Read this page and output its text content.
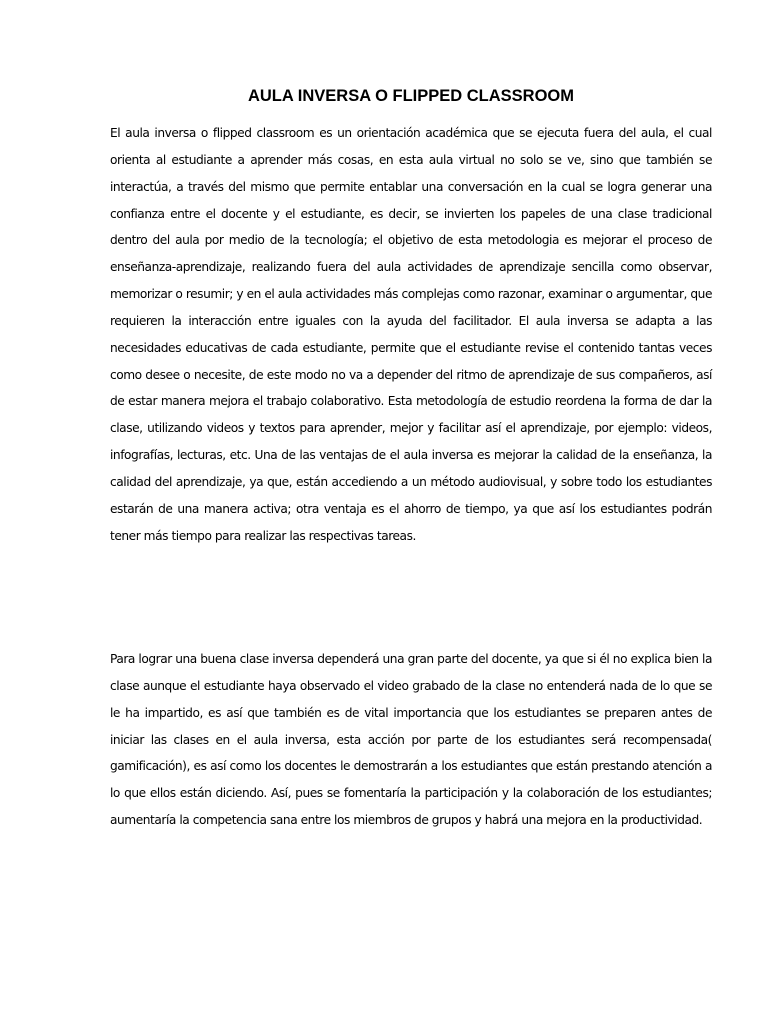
AULA INVERSA O FLIPPED CLASSROOM

El aula inversa o flipped classroom es un orientación académica que se ejecuta fuera del aula, el cual orienta al estudiante a aprender más cosas, en esta aula virtual no solo se ve, sino que también se interactúa, a través del mismo que permite entablar una conversación en la cual se logra generar una confianza entre el docente y el estudiante, es decir, se invierten los papeles de una clase tradicional dentro del aula por medio de la tecnología; el objetivo de esta metodologia es mejorar el proceso de enseñanza-aprendizaje, realizando fuera del aula actividades de aprendizaje sencilla como observar, memorizar o resumir; y en el aula actividades más complejas como razonar, examinar o argumentar, que requieren la interacción entre iguales con la ayuda del facilitador. El aula inversa se adapta a las necesidades educativas de cada estudiante, permite que el estudiante revise el contenido tantas veces como desee o necesite, de este modo no va a depender del ritmo de aprendizaje de sus compañeros, así de estar manera mejora el trabajo colaborativo. Esta metodología de estudio reordena la forma de dar la clase, utilizando videos y textos para aprender, mejor y facilitar así el aprendizaje, por ejemplo: videos, infografías, lecturas, etc. Una de las ventajas de el aula inversa es mejorar la calidad de la enseñanza, la calidad del aprendizaje, ya que, están accediendo a un método audiovisual, y sobre todo los estudiantes estarán de una manera activa; otra ventaja es el ahorro de tiempo, ya que así los estudiantes podrán tener más tiempo para realizar las respectivas tareas.

Para lograr una buena clase inversa dependerá una gran parte del docente, ya que si él no explica bien la clase aunque el estudiante haya observado el video grabado de la clase no entenderá nada de lo que se le ha impartido, es así que también es de vital importancia que los estudiantes se preparen antes de iniciar las clases en el aula inversa, esta acción por parte de los estudiantes será recompensada( gamificación), es así como los docentes le demostrarán a los estudiantes que están prestando atención a lo que ellos están diciendo. Así, pues se fomentaría la participación y la colaboración de los estudiantes; aumentaría la competencia sana entre los miembros de grupos y habrá una mejora en la productividad.
